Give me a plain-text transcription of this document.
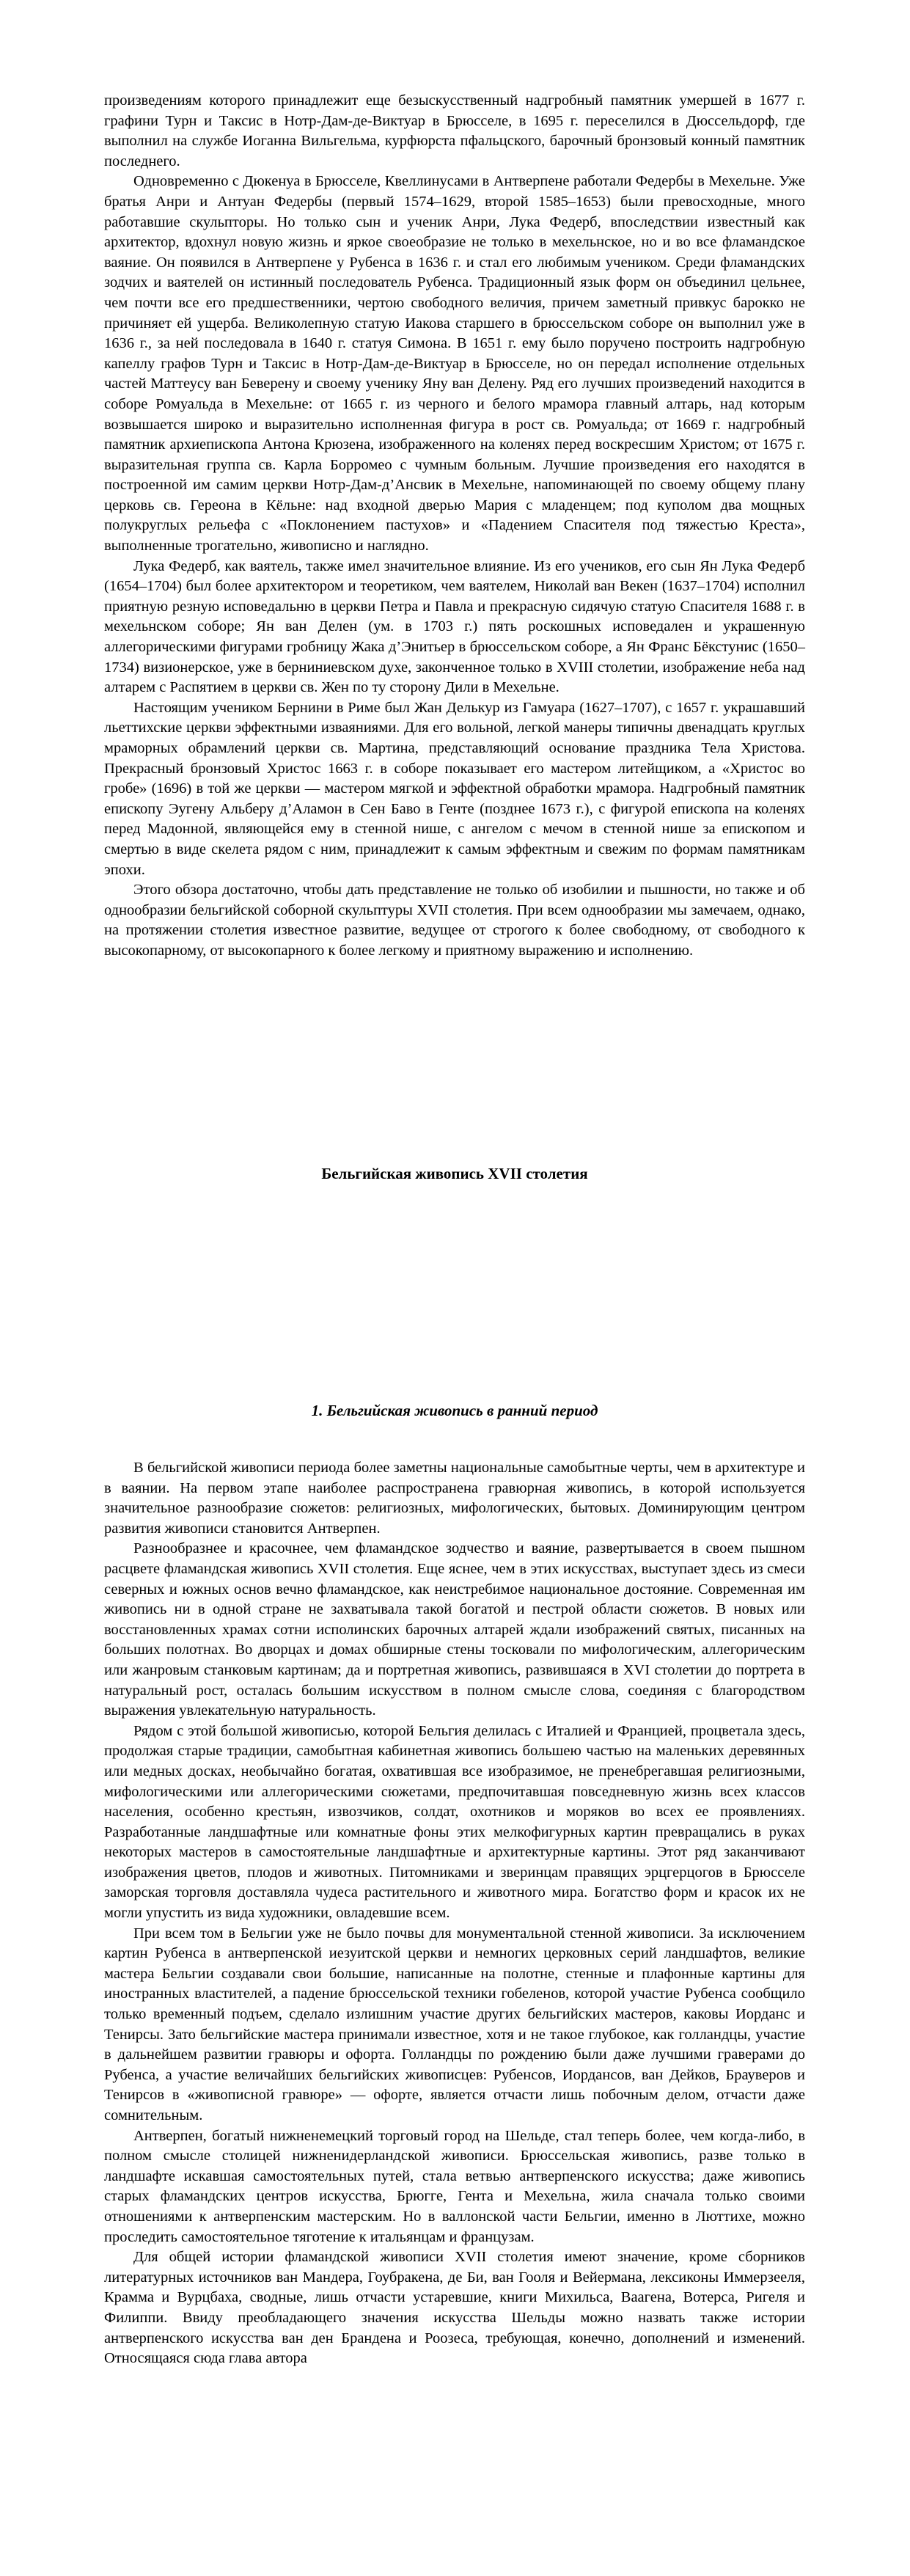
произведениям которого принадлежит еще безыскусственный надгробный памятник умершей в 1677 г. графини Турн и Таксис в Нотр-Дам-де-Виктуар в Брюсселе, в 1695 г. переселился в Дюссельдорф, где выполнил на службе Иоганна Вильгельма, курфюрста пфальцского, барочный бронзовый конный памятник последнего.

Одновременно с Дюкенуа в Брюсселе, Квеллинусами в Антверпене работали Федербы в Мехельне. Уже братья Анри и Антуан Федербы (первый 1574–1629, второй 1585–1653) были превосходные, много работавшие скульпторы. Но только сын и ученик Анри, Лука Федерб, впоследствии известный как архитектор, вдохнул новую жизнь и яркое своеобразие не только в мехельнское, но и во все фламандское ваяние. Он появился в Антверпене у Рубенса в 1636 г. и стал его любимым учеником. Среди фламандских зодчих и ваятелей он истинный последователь Рубенса. Традиционный язык форм он объединил цельнее, чем почти все его предшественники, чертою свободного величия, причем заметный привкус барокко не причиняет ей ущерба. Великолепную статую Иакова старшего в брюссельском соборе он выполнил уже в 1636 г., за ней последовала в 1640 г. статуя Симона. В 1651 г. ему было поручено построить надгробную капеллу графов Турн и Таксис в Нотр-Дам-де-Виктуар в Брюсселе, но он передал исполнение отдельных частей Маттеусу ван Беверену и своему ученику Яну ван Делену. Ряд его лучших произведений находится в соборе Ромуальда в Мехельне: от 1665 г. из черного и белого мрамора главный алтарь, над которым возвышается широко и выразительно исполненная фигура в рост св. Ромуальда; от 1669 г. надгробный памятник архиепископа Антона Крюзена, изображенного на коленях перед воскресшим Христом; от 1675 г. выразительная группа св. Карла Борромео с чумным больным. Лучшие произведения его находятся в построенной им самим церкви Нотр-Дам-д’Ансвик в Мехельне, напоминающей по своему общему плану церковь св. Гереона в Кёльне: над входной дверью Мария с младенцем; под куполом два мощных полукруглых рельефа с «Поклонением пастухов» и «Падением Спасителя под тяжестью Креста», выполненные трогательно, живописно и наглядно.

Лука Федерб, как ваятель, также имел значительное влияние. Из его учеников, его сын Ян Лука Федерб (1654–1704) был более архитектором и теоретиком, чем ваятелем, Николай ван Векен (1637–1704) исполнил приятную резную исповедальню в церкви Петра и Павла и прекрасную сидячую статую Спасителя 1688 г. в мехельнском соборе; Ян ван Делен (ум. в 1703 г.) пять роскошных исповедален и украшенную аллегорическими фигурами гробницу Жака д’Энитьер в брюссельском соборе, а Ян Франс Бёкстунис (1650–1734) визионерское, уже в берниниевском духе, законченное только в XVIII столетии, изображение неба над алтарем с Распятием в церкви св. Жен по ту сторону Дили в Мехельне.

Настоящим учеником Бернини в Риме был Жан Делькур из Гамуара (1627–1707), с 1657 г. украшавший льеттихские церкви эффектными изваяниями. Для его вольной, легкой манеры типичны двенадцать круглых мраморных обрамлений церкви св. Мартина, представляющий основание праздника Тела Христова. Прекрасный бронзовый Христос 1663 г. в соборе показывает его мастером литейщиком, а «Христос во гробе» (1696) в той же церкви — мастером мягкой и эффектной обработки мрамора. Надгробный памятник епископу Эугену Альберу д’Аламон в Сен Баво в Генте (позднее 1673 г.), с фигурой епископа на коленях перед Мадонной, являющейся ему в стенной нише, с ангелом с мечом в стенной нише за епископом и смертью в виде скелета рядом с ним, принадлежит к самым эффектным и свежим по формам памятникам эпохи.

Этого обзора достаточно, чтобы дать представление не только об изобилии и пышности, но также и об однообразии бельгийской соборной скульптуры XVII столетия. При всем однообразии мы замечаем, однако, на протяжении столетия известное развитие, ведущее от строгого к более свободному, от свободного к высокопарному, от высокопарного к более легкому и приятному выражению и исполнению.

Бельгийская живопись XVII столетия
1. Бельгийская живопись в ранний период

В бельгийской живописи периода более заметны национальные самобытные черты, чем в архитектуре и в ваянии. На первом этапе наиболее распространена гравюрная живопись, в которой используется значительное разнообразие сюжетов: религиозных, мифологических, бытовых. Доминирующим центром развития живописи становится Антверпен.

Разнообразнее и красочнее, чем фламандское зодчество и ваяние, развертывается в своем пышном расцвете фламандская живопись XVII столетия. Еще яснее, чем в этих искусствах, выступает здесь из смеси северных и южных основ вечно фламандское, как неистребимое национальное достояние. Современная им живопись ни в одной стране не захватывала такой богатой и пестрой области сюжетов. В новых или восстановленных храмах сотни исполинских барочных алтарей ждали изображений святых, писанных на больших полотнах. Во дворцах и домах обширные стены тосковали по мифологическим, аллегорическим или жанровым станковым картинам; да и портретная живопись, развившаяся в XVI столетии до портрета в натуральный рост, осталась большим искусством в полном смысле слова, соединяя с благородством выражения увлекательную натуральность.

Рядом с этой большой живописью, которой Бельгия делилась с Италией и Францией, процветала здесь, продолжая старые традиции, самобытная кабинетная живопись большею частью на маленьких деревянных или медных досках, необычайно богатая, охватившая все изобразимое, не пренебрегавшая религиозными, мифологическими или аллегорическими сюжетами, предпочитавшая повседневную жизнь всех классов населения, особенно крестьян, извозчиков, солдат, охотников и моряков во всех ее проявлениях. Разработанные ландшафтные или комнатные фоны этих мелкофигурных картин превращались в руках некоторых мастеров в самостоятельные ландшафтные и архитектурные картины. Этот ряд заканчивают изображения цветов, плодов и животных. Питомниками и зверинцам правящих эрцгерцогов в Брюсселе заморская торговля доставляла чудеса растительного и животного мира. Богатство форм и красок их не могли упустить из вида художники, овладевшие всем.

При всем том в Бельгии уже не было почвы для монументальной стенной живописи. За исключением картин Рубенса в антверпенской иезуитской церкви и немногих церковных серий ландшафтов, великие мастера Бельгии создавали свои большие, написанные на полотне, стенные и плафонные картины для иностранных властителей, а падение брюссельской техники гобеленов, которой участие Рубенса сообщило только временный подъем, сделало излишним участие других бельгийских мастеров, каковы Иорданс и Тенирсы. Зато бельгийские мастера принимали известное, хотя и не такое глубокое, как голландцы, участие в дальнейшем развитии гравюры и офорта. Голландцы по рождению были даже лучшими граверами до Рубенса, а участие величайших бельгийских живописцев: Рубенсов, Иордансов, ван Дейков, Брауверов и Тенирсов в «живописной гравюре» — офорте, является отчасти лишь побочным делом, отчасти даже сомнительным.

Антверпен, богатый нижненемецкий торговый город на Шельде, стал теперь более, чем когда-либо, в полном смысле столицей нижненидерландской живописи. Брюссельская живопись, разве только в ландшафте искавшая самостоятельных путей, стала ветвью антверпенского искусства; даже живопись старых фламандских центров искусства, Брюгге, Гента и Мехельна, жила сначала только своими отношениями к антверпенским мастерским. Но в валлонской части Бельгии, именно в Люттихе, можно проследить самостоятельное тяготение к итальянцам и французам.

Для общей истории фламандской живописи XVII столетия имеют значение, кроме сборников литературных источников ван Мандера, Гоубракена, де Би, ван Гооля и Вейермана, лексиконы Иммерзееля, Крамма и Вурцбаха, сводные, лишь отчасти устаревшие, книги Михильса, Ваагена, Вотерса, Ригеля и Филиппи. Ввиду преобладающего значения искусства Шельды можно назвать также истории антверпенского искусства ван ден Брандена и Роозеса, требующая, конечно, дополнений и изменений. Относящаяся сюда глава автора
